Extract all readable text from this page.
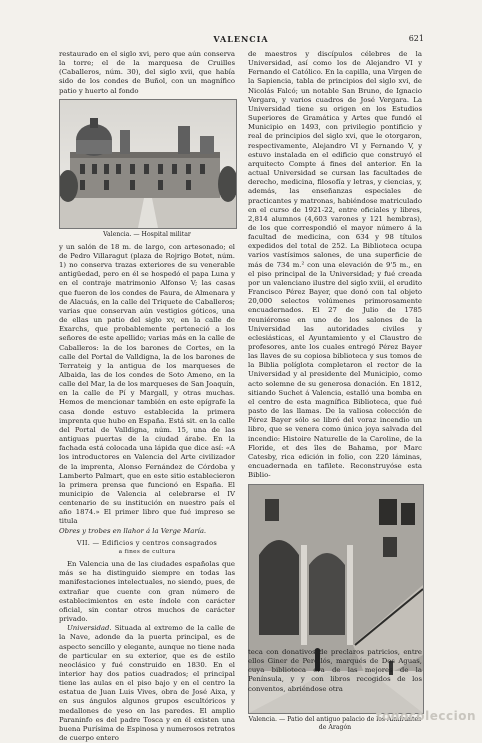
VALENCIA	621

restaurado en el siglo xvi, pero que aún conserva la torre; el de la marquesa de Cruilles (Caballeros, núm. 30), del siglo xvii, que había sido de los condes de Buñol, con un magnífico patio y huerto al fondo

Valencia. — Hospital militar

y un salón de 18 m. de largo, con artesonado; el de Pedro Villaragut (plaza de Rojrigo Botet, núm. 1) no conserva trazas exteriores de su venerable antigüedad, pero en él se hospedó el papa Luna y en el contraje matrimonio Alfonso V; las casas que fueron de los condes de Faura, de Almenara y de Alacuás, en la calle del Triquete de Caballeros; varias que conservan aún vestigios góticos, una de ellas un patio del siglo xv, en la calle de Exarchs, que probablemente perteneció a los señores de este apellido; varias más en la calle de Caballeros: la de los barones de Cortes, en la calle del Portal de Valldigna, la de los barones de Terrateig y la antigua de los marqueses de Albaida, las de los condes de Soto Ameno, en la calle del Mar, la de los marqueses de San Joaquín, en la calle de Pí y Margall, y otras muchas. Hemos de mencionar también en este epígrafe la casa donde estuvo establecida la primera imprenta que hubo en España. Está sit. en la calle del Portal de Valldigna, núm. 15, una de las antiguas puertas de la ciudad árabe. En la fachada está colocada una lápida que dice así: «A los introductores en Valencia del Arte civilizador de la imprenta, Alonso Fernández de Córdoba y Lamberto Palmart, que en este sitio establecieron la primera prensa que funcionó en España. El municipio de Valencia al celebrarse el IV centenario de su institución en nuestro país el año 1874.» El primer libro que fué impreso se titula

Obres y trobes en llahor á la Verge María.

VII. — Edificios y centros consagrados
a fines de cultura

En Valencia una de las ciudades españolas que más se ha distinguido siempre en todas las manifestaciones intelectuales, no siendo, pues, de extrañar que cuente con gran número de establecimientos en este índole con carácter oficial, sin contar otros muchos de carácter privado.

Universidad. Situada al extremo de la calle de la Nave, adonde da la puerta principal, es de aspecto sencillo y elegante, aunque no tiene nada de particular en su exterior, que es de estilo neoclásico y fué construido en 1830. En el interior hay dos patios cuadrados; el principal tiene las aulas en el piso bajo y en el centro la estatua de Juan Luis Vives, obra de José Aixa, y en sus ángulos algunos grupos escultóricos y medallones de yeso en las paredes. El amplio Paraninfo es del padre Tosca y en él existen una buena Purísima de Espinosa y numerosos retratos de cuerpo entero

de maestros y discípulos célebres de la Universidad, así como los de Alejandro VI y Fernando el Católico. En la capilla, una Virgen de la Sapiencia, tabla de principios del siglo xvi, de Nicolás Falcó; un notable San Bruno, de Ignacio Vergara, y varios cuadros de José Vergara. La Universidad tiene su origen en los Estudios Superiores de Gramática y Artes que fundó el Municipio en 1493, con privilegio pontificio y real de principios del siglo xvi, que le otorgaron, respectivamente, Alejandro VI y Fernando V, y estuvo instalada en el edificio que construyó el arquitecto Compte á fines del anterior. En la actual Universidad se cursan las facultades de derecho, medicina, filosofía y letras, y ciencias, y, además, las enseñanzas especiales de practicantes y matronas, habiéndose matriculado en el curso de 1921-22, entre oficiales y libres, 2,814 alumnos (4,603 varones y 121 hembras), de los que correspondió el mayor número á la facultad de medicina, con 634 y 98 títulos expedidos del total de 252. La Biblioteca ocupa varios vastísimos salones, de una superficie de más de 734 m.² con una elevación de 9'5 m., en el piso principal de la Universidad; y fué creada por un valenciano ilustre del siglo xviii, el erudito Francisco Pérez Bayer, que donó con tal objeto 20,000 selectos volúmenes primorosamente encuadernados. El 27 de Julio de 1785 reuniéronse en uno de los salones de la Universidad las autoridades civiles y eclesiásticas, el Ayuntamiento y el Claustro de profesores, ante los cuales entregó Pérez Bayer las llaves de su copiosa biblioteca y sus tomos de la Biblia políglota completaron el rector de la Universidad y al presidente del Municipio, como acto solemne de su generosa donación. En 1812, sitiando Suchet á Valencia, estalló una bomba en el centro de esta magnífica Biblioteca, que fué pasto de las llamas. De la valiosa colección de Pérez Bayer sólo se libró del voraz incendio un libro, que se venera como única joya salvada del incendio: Histoire Naturelle de la Caroline, de la Floride, et des îles de Bahama, por Marc Catesby, rica edición in folio, con 220 láminas, encuadernada en tafilete. Reconstruyóse esta Biblio-

Valencia. — Patio del antiguo palacio de los Almirantes
de Aragón

teca con donativos de preclaros patricios, entre ellos Giner de Perellós, marqués de Dos Aguas, cuya biblioteca era de las mejores de la Península, y y con libros recogidos de los conventos, abriéndose otra

todocoleccion
